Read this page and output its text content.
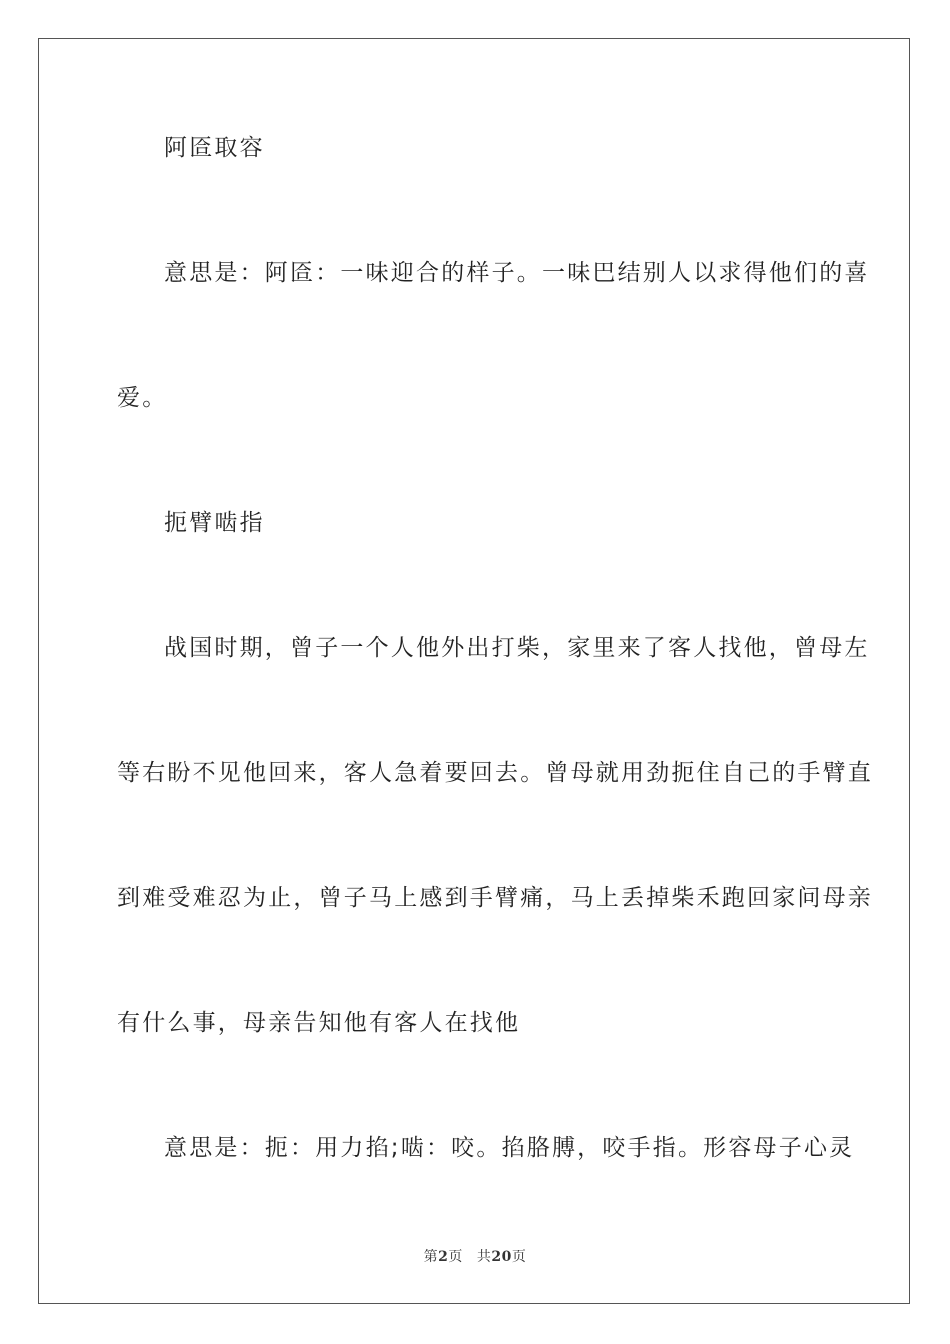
阿匼取容

意思是：阿匼：一味迎合的样子。一味巴结别人以求得他们的喜

爱。

扼臂啮指

战国时期，曾子一个人他外出打柴，家里来了客人找他，曾母左

等右盼不见他回来，客人急着要回去。曾母就用劲扼住自己的手臂直

到难受难忍为止，曾子马上感到手臂痛，马上丢掉柴禾跑回家问母亲

有什么事，母亲告知他有客人在找他

意思是：扼：用力掐;啮：咬。掐胳膊，咬手指。形容母子心灵

第2页 共20页
